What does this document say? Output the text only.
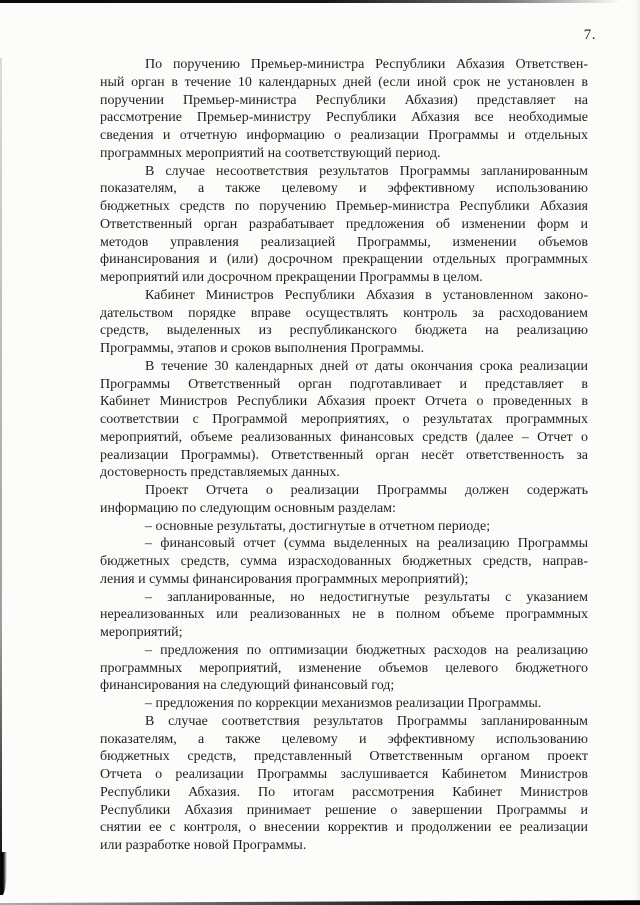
7.
По поручению Премьер-министра Республики Абхазия Ответствен-
ный орган в течение 10 календарных дней (если иной срок не установлен в
поручении Премьер-министра Республики Абхазия) представляет на
рассмотрение Премьер-министру Республики Абхазия все необходимые
сведения и отчетную информацию о реализации Программы и отдельных
программных мероприятий на соответствующий период.
В случае несоответствия результатов Программы запланированным
показателям, а также целевому и эффективному использованию
бюджетных средств по поручению Премьер-министра Республики Абхазия
Ответственный орган разрабатывает предложения об изменении форм и
методов управления реализацией Программы, изменении объемов
финансирования и (или) досрочном прекращении отдельных программных
мероприятий или досрочном прекращении Программы в целом.
Кабинет Министров Республики Абхазия в установленном законо-
дательством порядке вправе осуществлять контроль за расходованием
средств, выделенных из республиканского бюджета на реализацию
Программы, этапов и сроков выполнения Программы.
В течение 30 календарных дней от даты окончания срока реализации
Программы Ответственный орган подготавливает и представляет в
Кабинет Министров Республики Абхазия проект Отчета о проведенных в
соответствии с Программой мероприятиях, о результатах программных
мероприятий, объеме реализованных финансовых средств (далее – Отчет о
реализации Программы). Ответственный орган несёт ответственность за
достоверность представляемых данных.
Проект Отчета о реализации Программы должен содержать
информацию по следующим основным разделам:
– основные результаты, достигнутые в отчетном периоде;
– финансовый отчет (сумма выделенных на реализацию Программы
бюджетных средств, сумма израсходованных бюджетных средств, направ-
ления и суммы финансирования программных мероприятий);
– запланированные, но недостигнутые результаты с указанием
нереализованных или реализованных не в полном объеме программных
мероприятий;
– предложения по оптимизации бюджетных расходов на реализацию
программных мероприятий, изменение объемов целевого бюджетного
финансирования на следующий финансовый год;
– предложения по коррекции механизмов реализации Программы.
В случае соответствия результатов Программы запланированным
показателям, а также целевому и эффективному использованию
бюджетных средств, представленный Ответственным органом проект
Отчета о реализации Программы заслушивается Кабинетом Министров
Республики Абхазия. По итогам рассмотрения Кабинет Министров
Республики Абхазия принимает решение о завершении Программы и
снятии ее с контроля, о внесении корректив и продолжении ее реализации
или разработке новой Программы.
